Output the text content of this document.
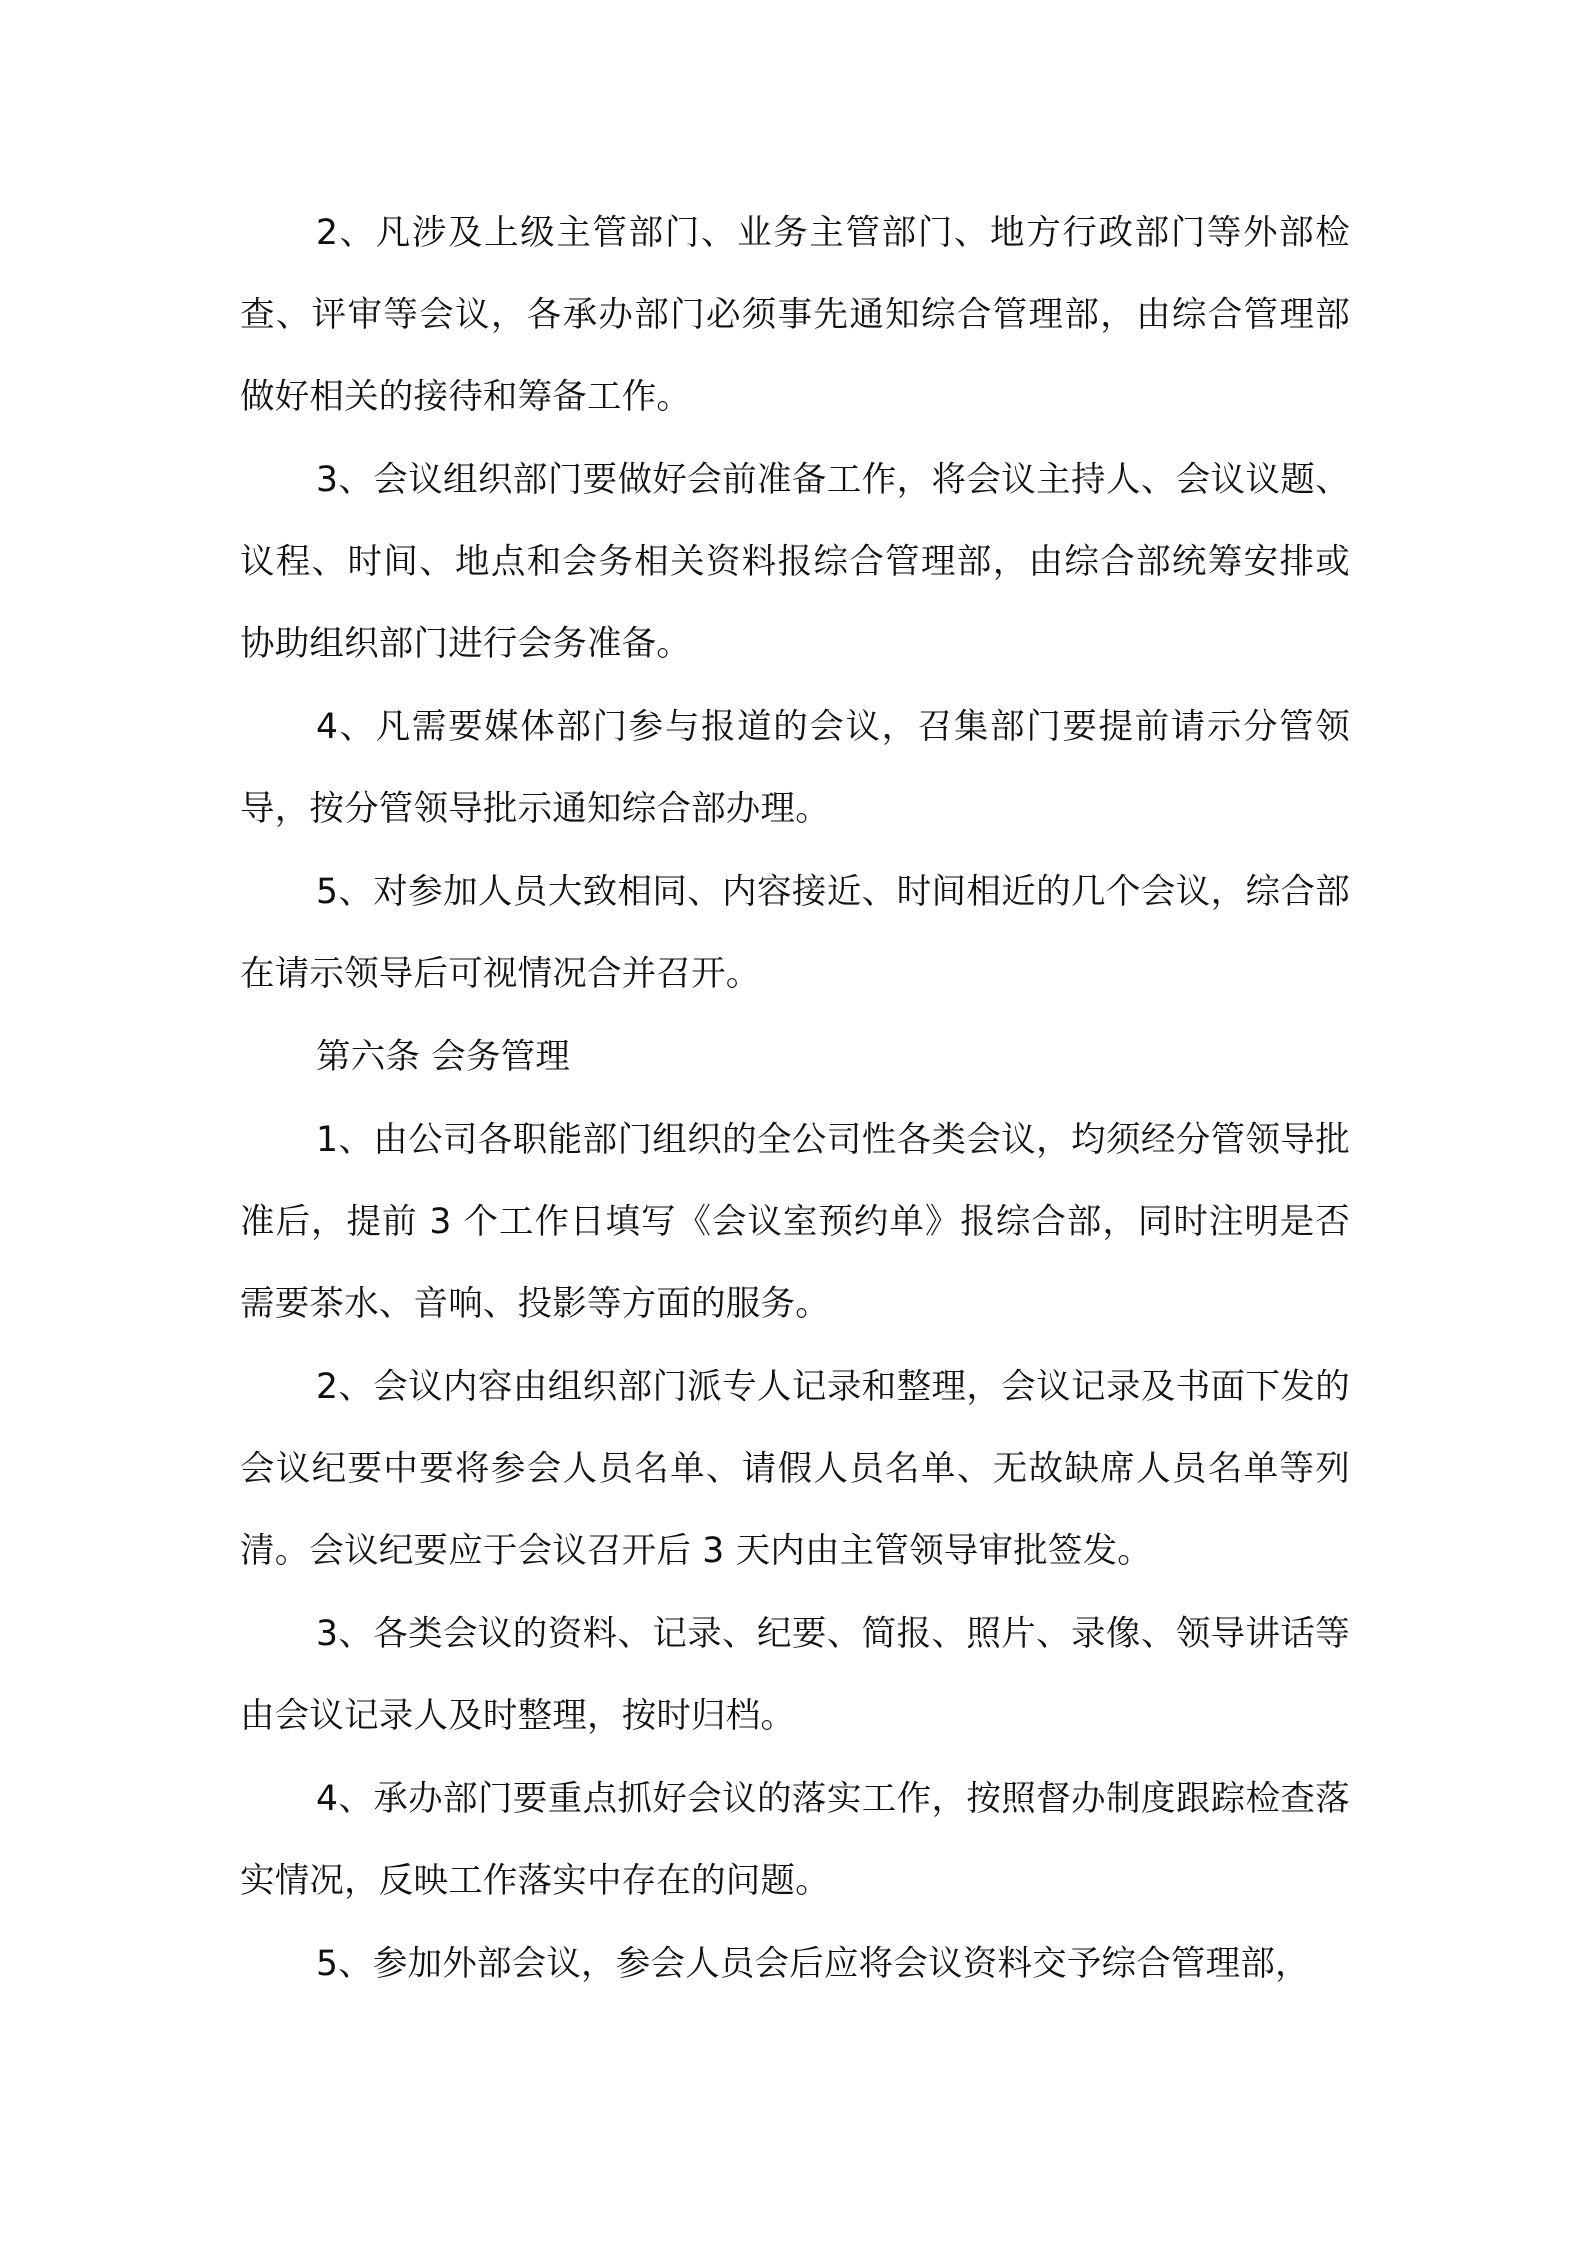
2、凡涉及上级主管部门、业务主管部门、地方行政部门等外部检查、评审等会议，各承办部门必须事先通知综合管理部，由综合管理部做好相关的接待和筹备工作。

3、会议组织部门要做好会前准备工作，将会议主持人、会议议题、议程、时间、地点和会务相关资料报综合管理部，由综合部统筹安排或协助组织部门进行会务准备。

4、凡需要媒体部门参与报道的会议，召集部门要提前请示分管领导，按分管领导批示通知综合部办理。

5、对参加人员大致相同、内容接近、时间相近的几个会议，综合部在请示领导后可视情况合并召开。

第六条 会务管理

1、由公司各职能部门组织的全公司性各类会议，均须经分管领导批准后，提前 3 个工作日填写《会议室预约单》报综合部，同时注明是否需要茶水、音响、投影等方面的服务。

2、会议内容由组织部门派专人记录和整理，会议记录及书面下发的会议纪要中要将参会人员名单、请假人员名单、无故缺席人员名单等列清。会议纪要应于会议召开后 3 天内由主管领导审批签发。

3、各类会议的资料、记录、纪要、简报、照片、录像、领导讲话等由会议记录人及时整理，按时归档。

4、承办部门要重点抓好会议的落实工作，按照督办制度跟踪检查落实情况，反映工作落实中存在的问题。

5、参加外部会议，参会人员会后应将会议资料交予综合管理部，
